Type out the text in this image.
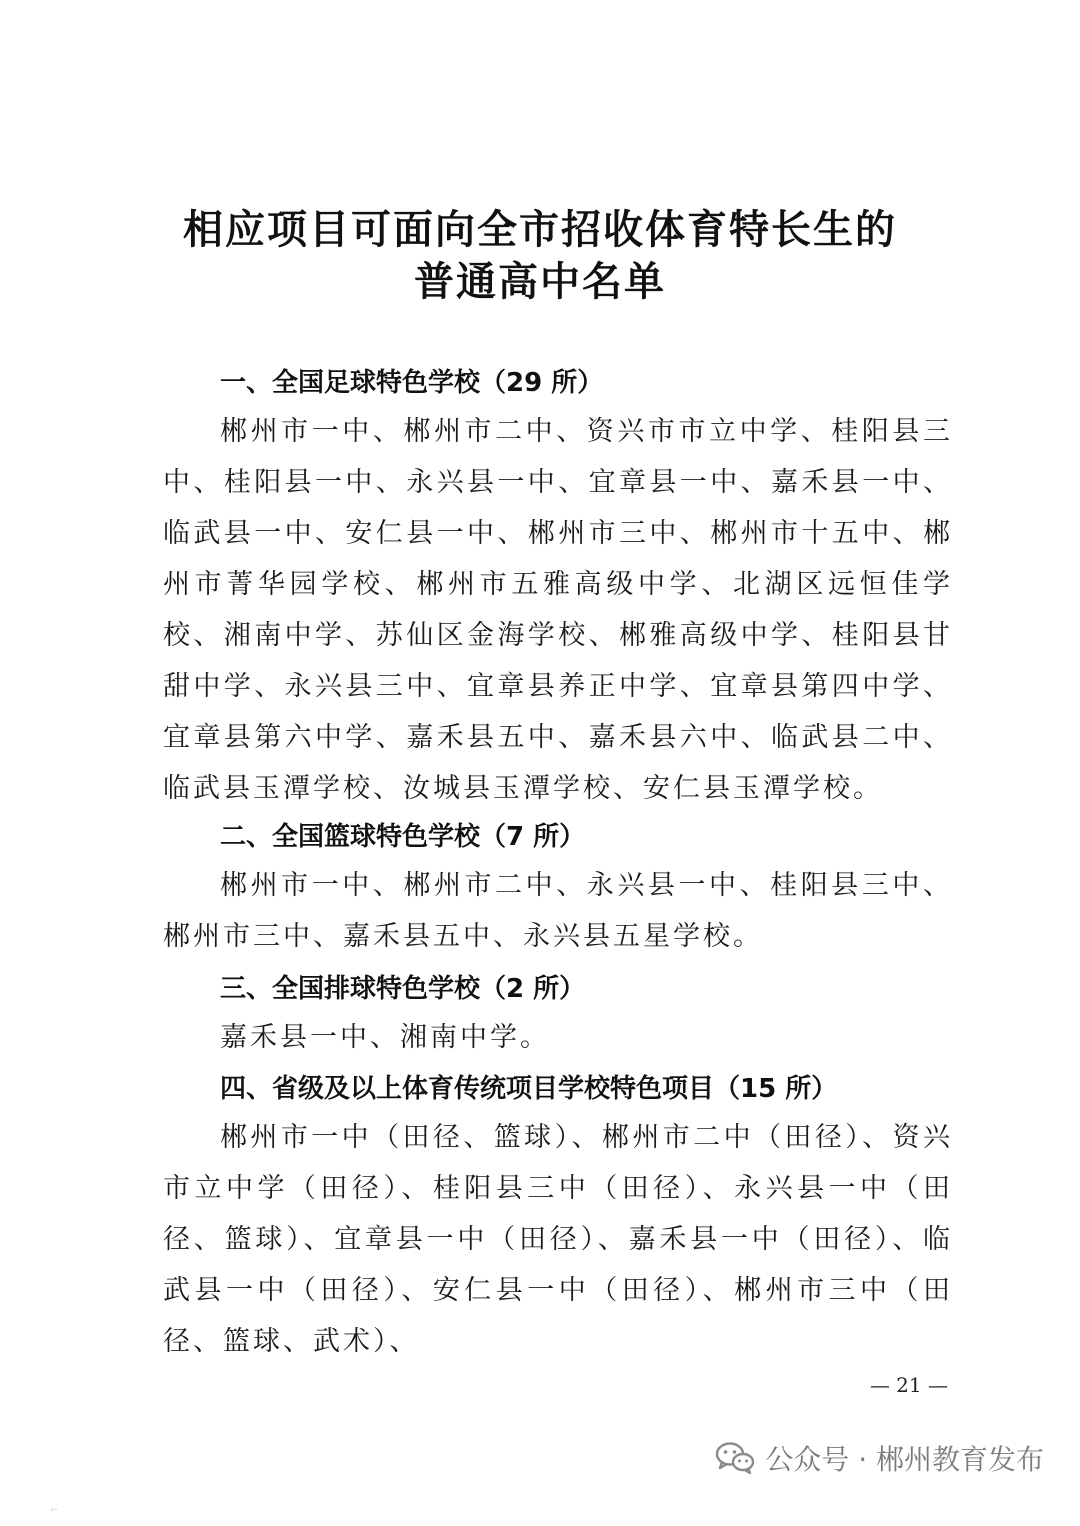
相应项目可面向全市招收体育特长生的
普通高中名单
一、全国足球特色学校（29 所）

郴州市一中、郴州市二中、资兴市市立中学、桂阳县三中、桂阳县一中、永兴县一中、宜章县一中、嘉禾县一中、临武县一中、安仁县一中、郴州市三中、郴州市十五中、郴州市菁华园学校、郴州市五雅高级中学、北湖区远恒佳学校、湘南中学、苏仙区金海学校、郴雅高级中学、桂阳县甘甜中学、永兴县三中、宜章县养正中学、宜章县第四中学、宜章县第六中学、嘉禾县五中、嘉禾县六中、临武县二中、临武县玉潭学校、汝城县玉潭学校、安仁县玉潭学校。

二、全国篮球特色学校（7 所）

郴州市一中、郴州市二中、永兴县一中、桂阳县三中、郴州市三中、嘉禾县五中、永兴县五星学校。

三、全国排球特色学校（2 所）

嘉禾县一中、湘南中学。

四、省级及以上体育传统项目学校特色项目（15 所）

郴州市一中（田径、篮球）、郴州市二中（田径）、资兴市立中学（田径）、桂阳县三中（田径）、永兴县一中（田径、篮球）、宜章县一中（田径）、嘉禾县一中（田径）、临武县一中（田径）、安仁县一中（田径）、郴州市三中（田径、篮球、武术）、

— 21 —
公众号 · 郴州教育发布
⌐
